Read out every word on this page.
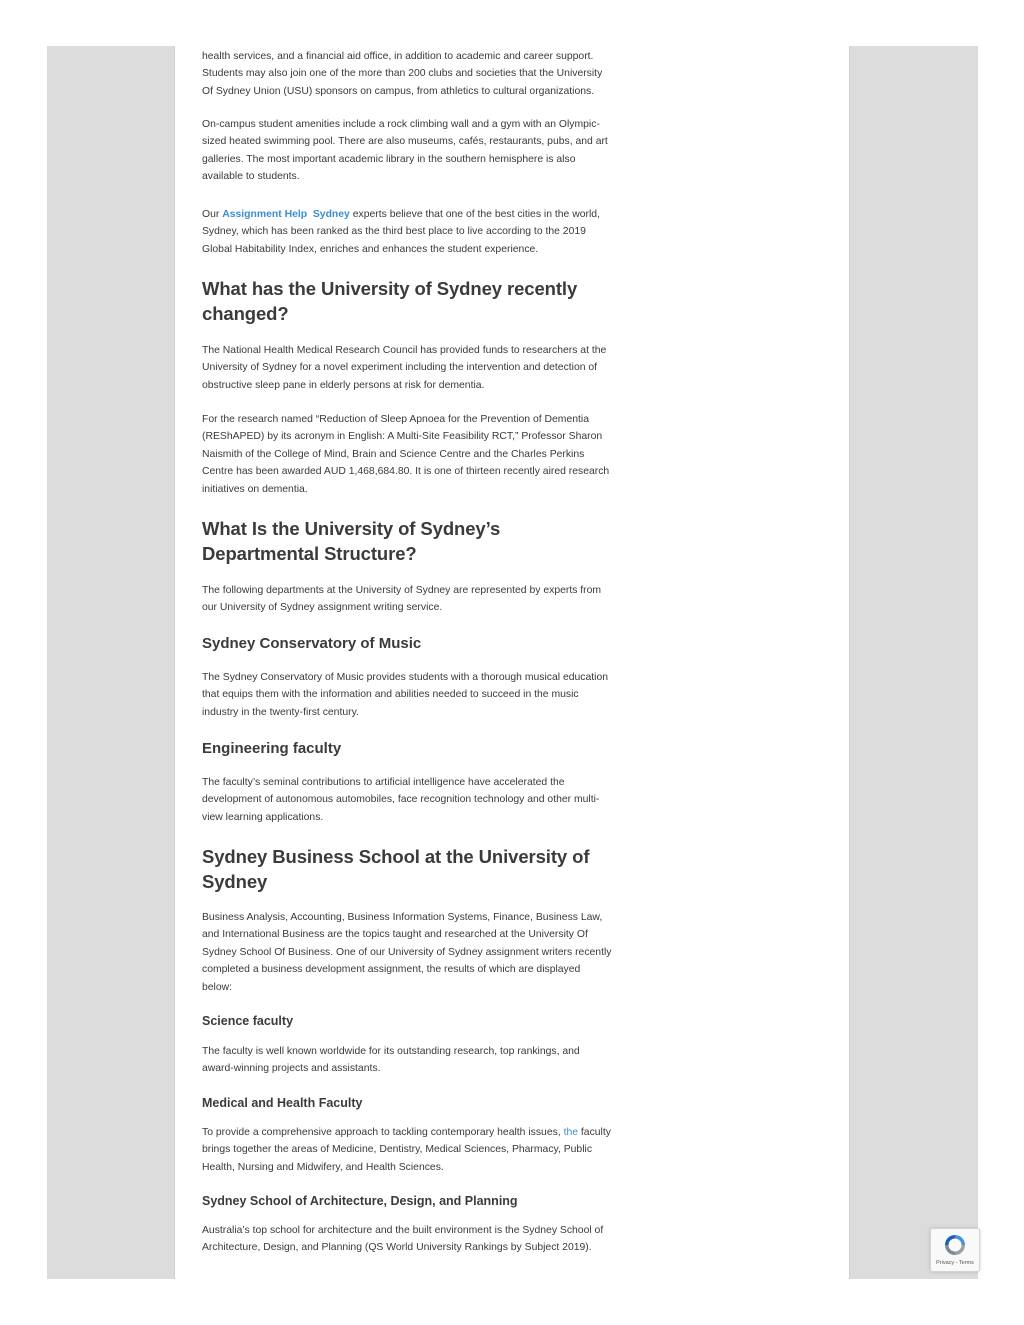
health services, and a financial aid office, in addition to academic and career support. Students may also join one of the more than 200 clubs and societies that the University Of Sydney Union (USU) sponsors on campus, from athletics to cultural organizations.

On-campus student amenities include a rock climbing wall and a gym with an Olympic-sized heated swimming pool. There are also museums, cafés, restaurants, pubs, and art galleries. The most important academic library in the southern hemisphere is also available to students.

Our Assignment Help Sydney experts believe that one of the best cities in the world, Sydney, which has been ranked as the third best place to live according to the 2019 Global Habitability Index, enriches and enhances the student experience.

What has the University of Sydney recently changed?

The National Health Medical Research Council has provided funds to researchers at the University of Sydney for a novel experiment including the intervention and detection of obstructive sleep pane in elderly persons at risk for dementia.

For the research named “Reduction of Sleep Apnoea for the Prevention of Dementia (REShAPED) by its acronym in English: A Multi-Site Feasibility RCT,” Professor Sharon Naismith of the College of Mind, Brain and Science Centre and the Charles Perkins Centre has been awarded AUD 1,468,684.80. It is one of thirteen recently aired research initiatives on dementia.

What Is the University of Sydney’s Departmental Structure?

The following departments at the University of Sydney are represented by experts from our University of Sydney assignment writing service.

Sydney Conservatory of Music

The Sydney Conservatory of Music provides students with a thorough musical education that equips them with the information and abilities needed to succeed in the music industry in the twenty-first century.

Engineering faculty

The faculty’s seminal contributions to artificial intelligence have accelerated the development of autonomous automobiles, face recognition technology and other multi-view learning applications.

Sydney Business School at the University of Sydney

Business Analysis, Accounting, Business Information Systems, Finance, Business Law, and International Business are the topics taught and researched at the University Of Sydney School Of Business. One of our University of Sydney assignment writers recently completed a business development assignment, the results of which are displayed below:

Science faculty

The faculty is well known worldwide for its outstanding research, top rankings, and award-winning projects and assistants.

Medical and Health Faculty

To provide a comprehensive approach to tackling contemporary health issues, the faculty brings together the areas of Medicine, Dentistry, Medical Sciences, Pharmacy, Public Health, Nursing and Midwifery, and Health Sciences.

Sydney School of Architecture, Design, and Planning

Australia’s top school for architecture and the built environment is the Sydney School of Architecture, Design, and Planning (QS World University Rankings by Subject 2019).

Privacy - Terms
